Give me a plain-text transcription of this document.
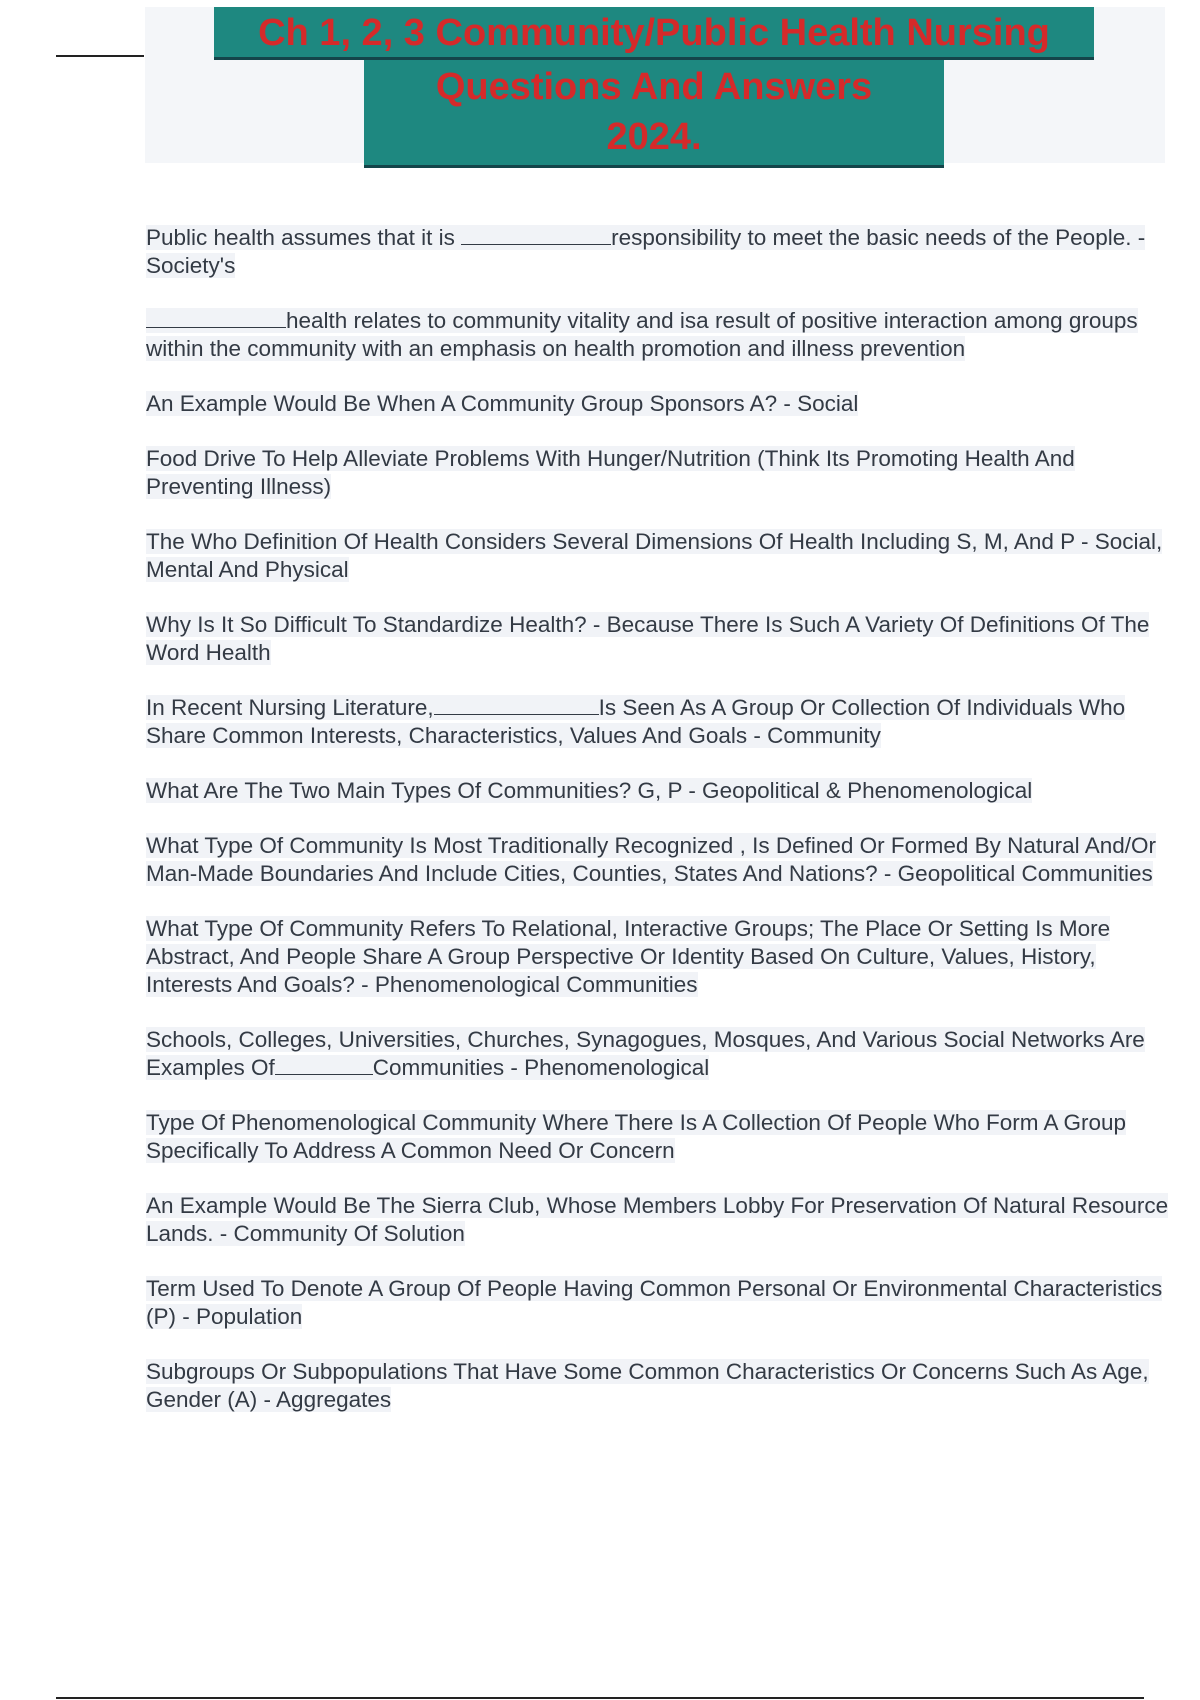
Ch 1, 2, 3 Community/Public Health Nursing
Questions And Answers
2024.

Public health assumes that it is	responsibility to meet the basic needs of the People. - Society's

health relates to community vitality and isa result of positive interaction among groups within the community with an emphasis on health promotion and illness prevention

An Example Would Be When A Community Group Sponsors A? - Social

Food Drive To Help Alleviate Problems With Hunger/Nutrition (Think Its Promoting Health And Preventing Illness)

The Who Definition Of Health Considers Several Dimensions Of Health Including S, M, And P - Social, Mental And Physical

Why Is It So Difficult To Standardize Health? - Because There Is Such A Variety Of Definitions Of The Word Health

In Recent Nursing Literature,	Is Seen As A Group Or Collection Of Individuals Who Share Common Interests, Characteristics, Values And Goals - Community

What Are The Two Main Types Of Communities? G, P - Geopolitical & Phenomenological

What Type Of Community Is Most Traditionally Recognized , Is Defined Or Formed By Natural And/Or Man-Made Boundaries And Include Cities, Counties, States And Nations? - Geopolitical Communities

What Type Of Community Refers To Relational, Interactive Groups; The Place Or Setting Is More Abstract, And People Share A Group Perspective Or Identity Based On Culture, Values, History, Interests And Goals? - Phenomenological Communities

Schools, Colleges, Universities, Churches, Synagogues, Mosques, And Various Social Networks Are Examples Of	Communities - Phenomenological

Type Of Phenomenological Community Where There Is A Collection Of People Who Form A Group Specifically To Address A Common Need Or Concern

An Example Would Be The Sierra Club, Whose Members Lobby For Preservation Of Natural Resource Lands. - Community Of Solution

Term Used To Denote A Group Of People Having Common Personal Or Environmental Characteristics (P) - Population

Subgroups Or Subpopulations That Have Some Common Characteristics Or Concerns Such As Age, Gender (A) - Aggregates
